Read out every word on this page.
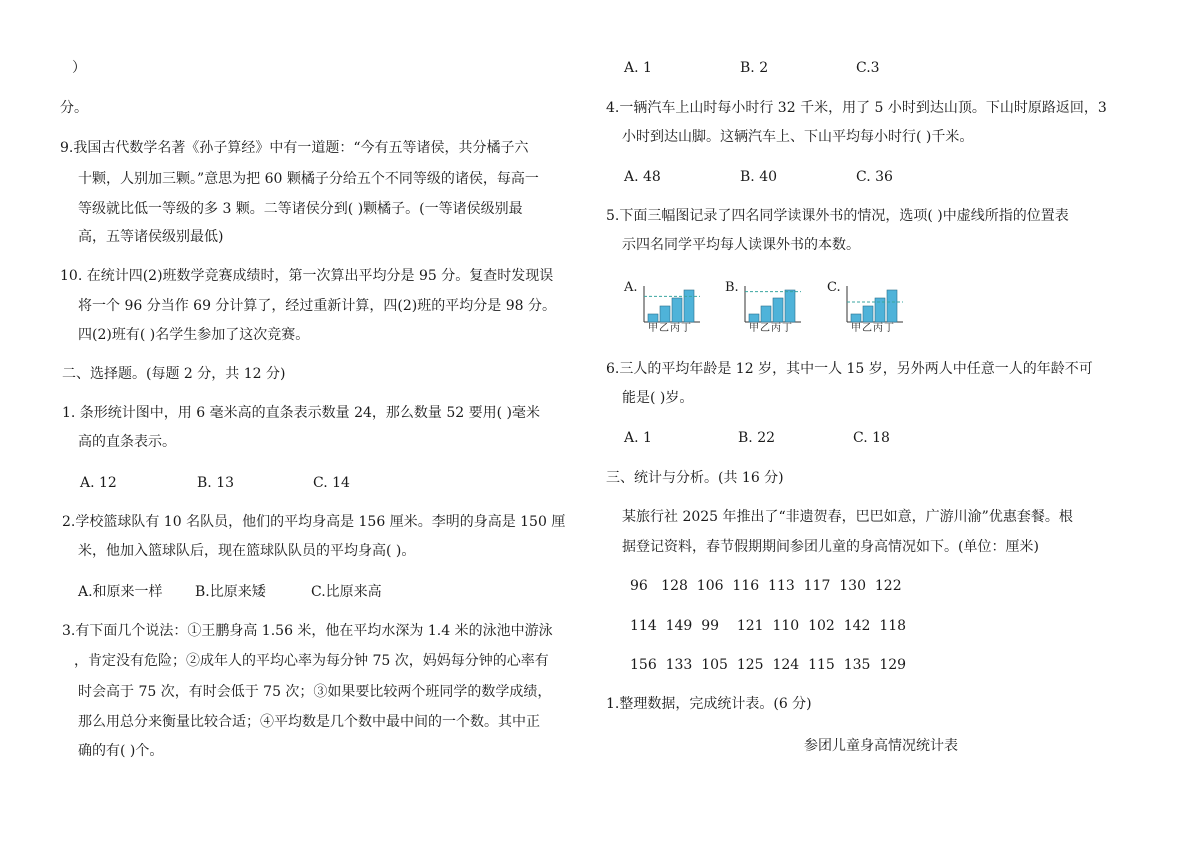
）
分。
9.我国古代数学名著《孙子算经》中有一道题：“今有五等诸侯，共分橘子六
十颗，人别加三颗。”意思为把 60 颗橘子分给五个不同等级的诸侯，每高一
等级就比低一等级的多 3 颗。二等诸侯分到( )颗橘子。(一等诸侯级别最
高，五等诸侯级别最低)
10. 在统计四(2)班数学竞赛成绩时，第一次算出平均分是 95 分。复查时发现误
将一个 96 分当作 69 分计算了，经过重新计算，四(2)班的平均分是 98 分。
四(2)班有( )名学生参加了这次竞赛。
二、选择题。(每题 2 分，共 12 分)
1. 条形统计图中，用 6 毫米高的直条表示数量 24，那么数量 52 要用( )毫米
高的直条表示。
A. 12	B. 13	C. 14
2.学校篮球队有 10 名队员，他们的平均身高是 156 厘米。李明的身高是 150 厘
米，他加入篮球队后，现在篮球队队员的平均身高( )。
A.和原来一样 B.比原来矮	C.比原来高
3.有下面几个说法：①王鹏身高 1.56 米，他在平均水深为 1.4 米的泳池中游泳
，肯定没有危险；②成年人的平均心率为每分钟 75 次，妈妈每分钟的心率有
时会高于 75 次，有时会低于 75 次；③如果要比较两个班同学的数学成绩，
那么用总分来衡量比较合适；④平均数是几个数中最中间的一个数。其中正
确的有( )个。
A. 1	B. 2	C.3
4.一辆汽车上山时每小时行 32 千米，用了 5 小时到达山顶。下山时原路返回，3
小时到达山脚。这辆汽车上、下山平均每小时行( )千米。
A. 48	B. 40	C. 36
5.下面三幅图记录了四名同学读课外书的情况，选项( )中虚线所指的位置表
示四名同学平均每人读课外书的本数。
A.
甲乙丙丁
B.
甲乙丙丁
C.
甲乙丙丁
6.三人的平均年龄是 12 岁，其中一人 15 岁，另外两人中任意一人的年龄不可
能是( )岁。
A. 1	B. 22	C. 18
三、统计与分析。(共 16 分)
某旅行社 2025 年推出了“非遗贺春，巴巴如意，广游川渝”优惠套餐。根
据登记资料，春节假期期间参团儿童的身高情况如下。(单位：厘米)
96   128  106  116  113  117  130  122
114  149  99    121  110  102  142  118
156  133  105  125  124  115  135  129
1.整理数据，完成统计表。(6 分)
参团儿童身高情况统计表
